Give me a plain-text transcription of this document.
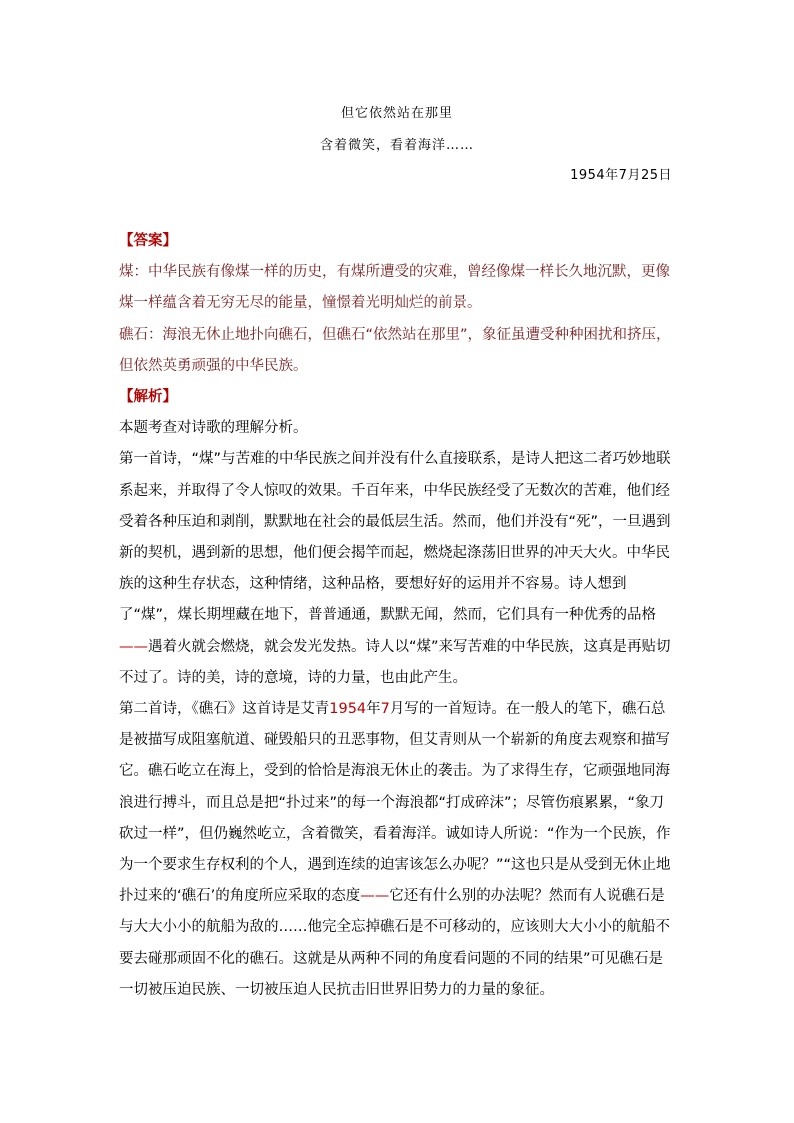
但它依然站在那里
含着微笑，看着海洋……
1954年7月25日

【答案】

煤：中华民族有像煤一样的历史，有煤所遭受的灾难，曾经像煤一样长久地沉默，更像煤一样蕴含着无穷无尽的能量，憧憬着光明灿烂的前景。

礁石：海浪无休止地扑向礁石，但礁石“依然站在那里”，象征虽遭受种种困扰和挤压，但依然英勇顽强的中华民族。

【解析】

本题考查对诗歌的理解分析。

第一首诗，“煤”与苦难的中华民族之间并没有什么直接联系，是诗人把这二者巧妙地联系起来，并取得了令人惊叹的效果。千百年来，中华民族经受了无数次的苦难，他们经受着各种压迫和剥削，默默地在社会的最低层生活。然而，他们并没有“死”，一旦遇到新的契机，遇到新的思想，他们便会揭竿而起，燃烧起涤荡旧世界的冲天大火。中华民族的这种生存状态，这种情绪，这种品格，要想好好的运用并不容易。诗人想到了“煤”，煤长期埋藏在地下，普普通通，默默无闻，然而，它们具有一种优秀的品格——遇着火就会燃烧，就会发光发热。诗人以“煤”来写苦难的中华民族，这真是再贴切不过了。诗的美，诗的意境，诗的力量，也由此产生。

第二首诗，《礁石》这首诗是艾青1954年7月写的一首短诗。在一般人的笔下，礁石总是被描写成阻塞航道、碰毁船只的丑恶事物，但艾青则从一个崭新的角度去观察和描写它。礁石屹立在海上，受到的恰恰是海浪无休止的袭击。为了求得生存，它顽强地同海浪进行搏斗，而且总是把“扑过来”的每一个海浪都“打成碎沫”；尽管伤痕累累，“象刀砍过一样”，但仍巍然屹立，含着微笑，看着海洋。诚如诗人所说：“作为一个民族，作为一个要求生存权利的个人，遇到连续的迫害该怎么办呢？”“这也只是从受到无休止地扑过来的‘礁石’的角度所应采取的态度——它还有什么别的办法呢？然而有人说礁石是与大大小小的航船为敌的……他完全忘掉礁石是不可移动的，应该则大大小小的航船不要去碰那顽固不化的礁石。这就是从两种不同的角度看问题的不同的结果”可见礁石是一切被压迫民族、一切被压迫人民抗击旧世界旧势力的力量的象征。
